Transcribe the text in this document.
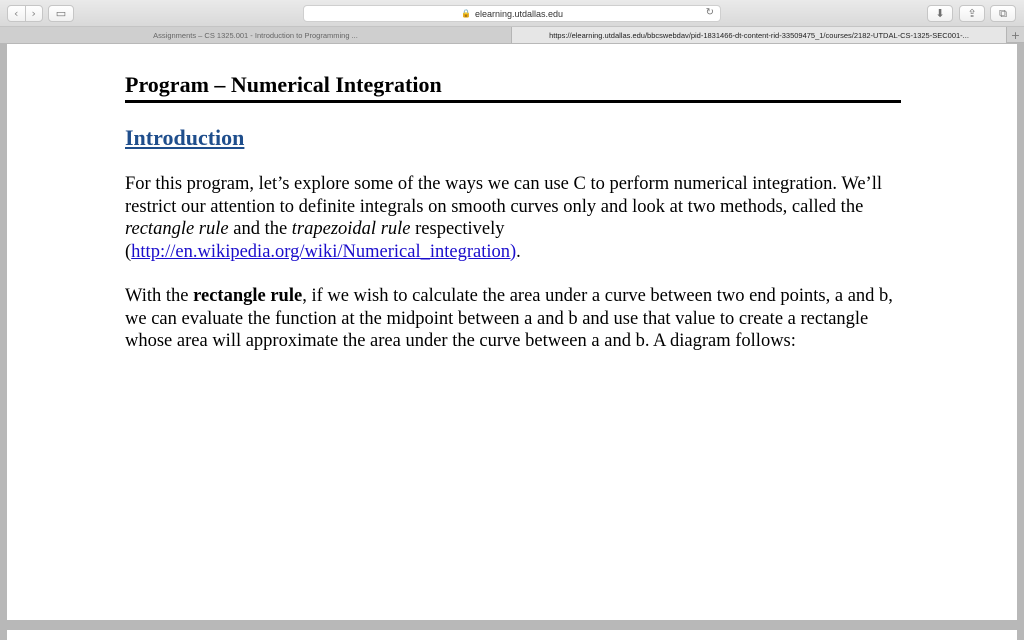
‹	›	▭	🔒 elearning.utdallas.edu	↻	⬇ ⇪ ⧉
Assignments – CS 1325.001 - Introduction to Programming ...	https://elearning.utdallas.edu/bbcswebdav/pid-1831466-dt-content-rid-33509475_1/courses/2182-UTDAL-CS-1325-SEC001-...	+
Program – Numerical Integration
Introduction

For this program, let’s explore some of the ways we can use C to perform numerical integration. We’ll restrict our attention to definite integrals on smooth curves only and look at two methods, called the rectangle rule and the trapezoidal rule respectively (http://en.wikipedia.org/wiki/Numerical_integration).

With the rectangle rule, if we wish to calculate the area under a curve between two end points, a and b, we can evaluate the function at the midpoint between a and b and use that value to create a rectangle whose area will approximate the area under the curve between a and b. A diagram follows:
